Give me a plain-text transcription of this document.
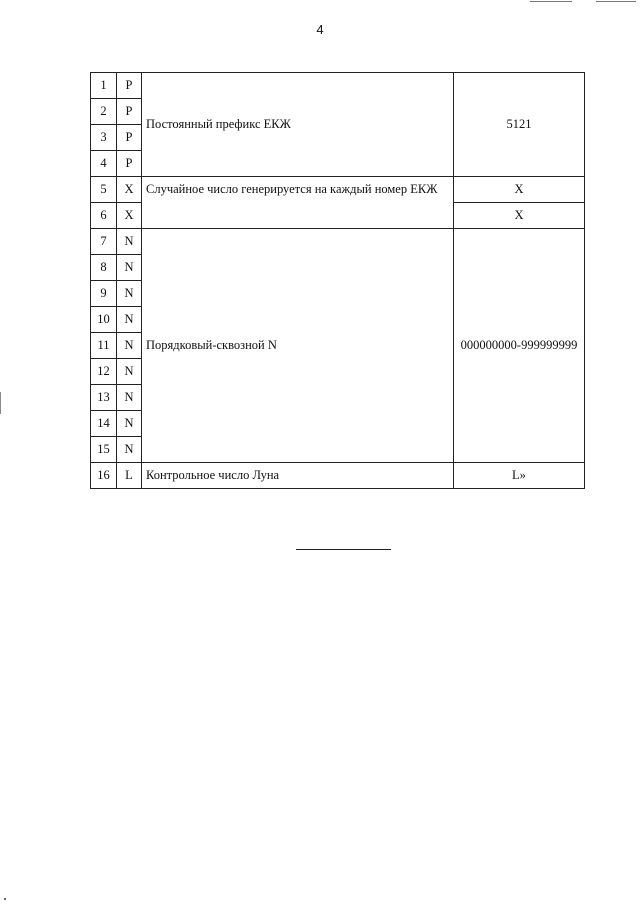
4
1	P	Постоянный префикс ЕКЖ	5121
2	P		
3	P		
4	P		
5	X	Случайное число генерируется на каждый номер ЕКЖ	X
6	X		X
7	N	Порядковый-сквозной N	000000000-999999999
8	N		
9	N		
10	N		
11	N		
12	N		
13	N		
14	N		
15	N		
16	L	Контрольное число Луна	L»
